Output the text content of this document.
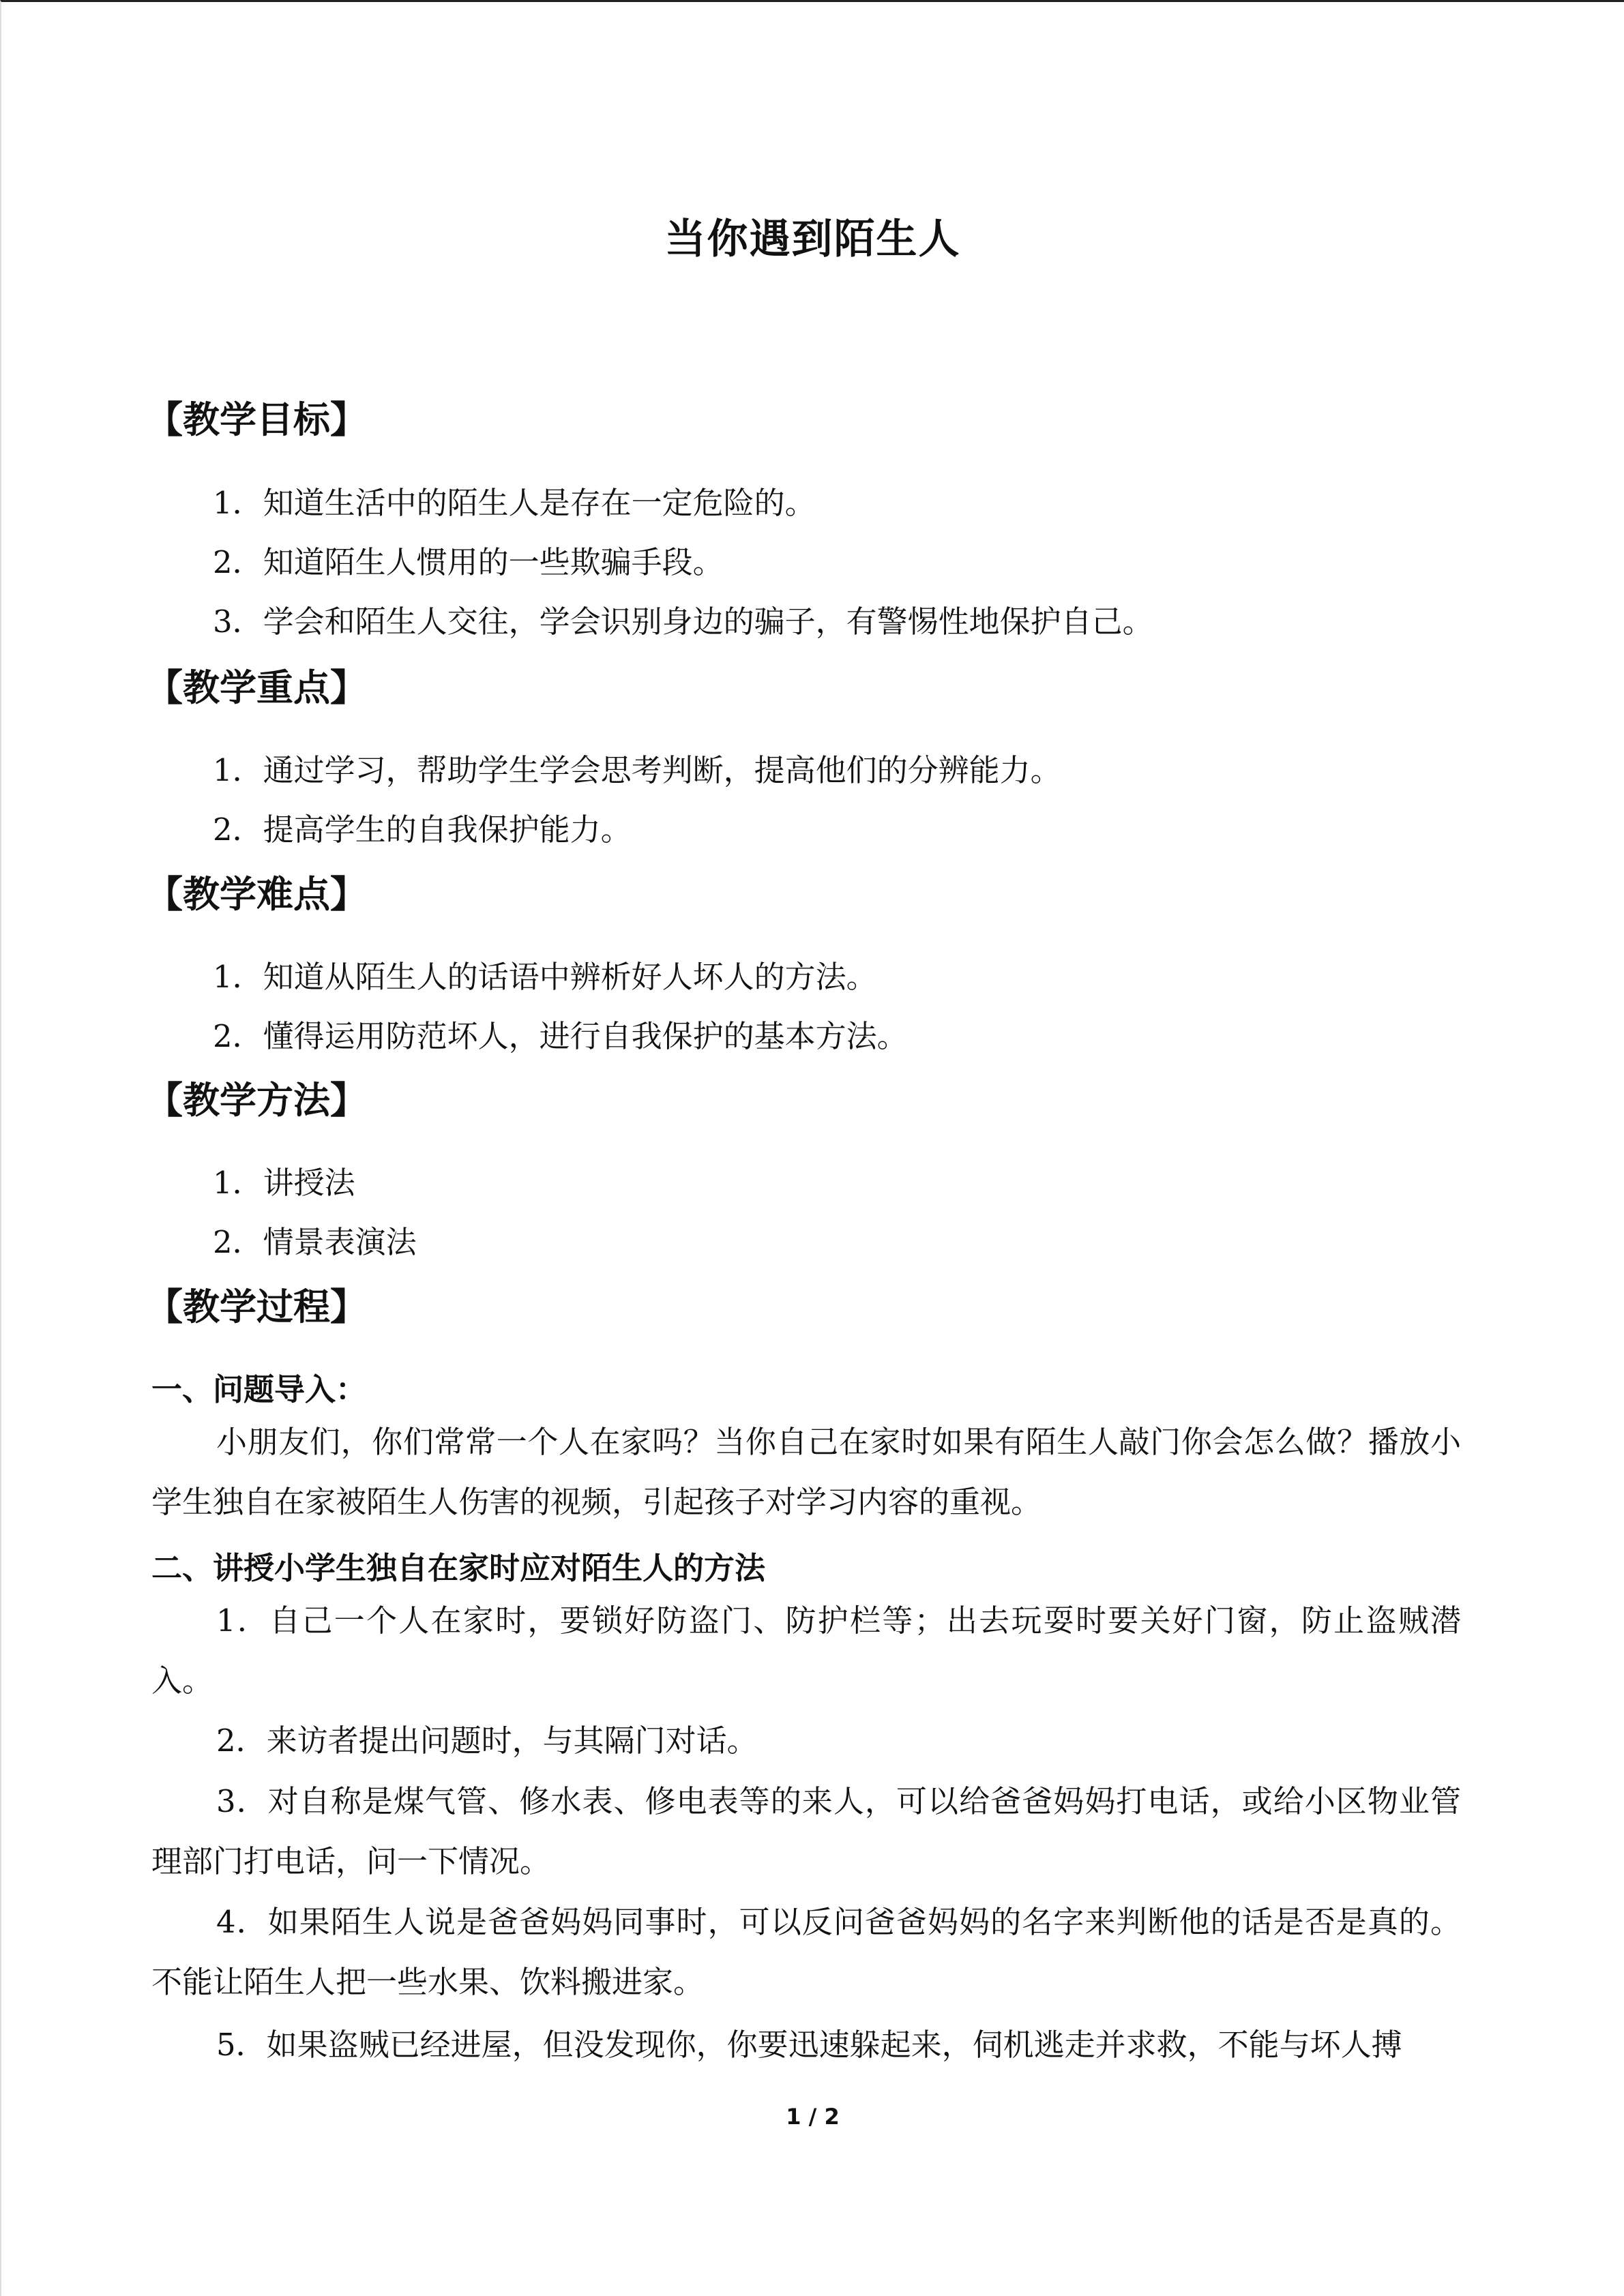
当你遇到陌生人
【教学目标】
1．知道生活中的陌生人是存在一定危险的。
2．知道陌生人惯用的一些欺骗手段。
3．学会和陌生人交往，学会识别身边的骗子，有警惕性地保护自己。
【教学重点】
1．通过学习，帮助学生学会思考判断，提高他们的分辨能力。
2．提高学生的自我保护能力。
【教学难点】
1．知道从陌生人的话语中辨析好人坏人的方法。
2．懂得运用防范坏人，进行自我保护的基本方法。
【教学方法】
1．讲授法
2．情景表演法
【教学过程】
一、问题导入：
小朋友们，你们常常一个人在家吗？当你自己在家时如果有陌生人敲门你会怎么做？播放小学生独自在家被陌生人伤害的视频，引起孩子对学习内容的重视。
二、讲授小学生独自在家时应对陌生人的方法
1．自己一个人在家时，要锁好防盗门、防护栏等；出去玩耍时要关好门窗，防止盗贼潜入。
2．来访者提出问题时，与其隔门对话。
3．对自称是煤气管、修水表、修电表等的来人，可以给爸爸妈妈打电话，或给小区物业管理部门打电话，问一下情况。
4．如果陌生人说是爸爸妈妈同事时，可以反问爸爸妈妈的名字来判断他的话是否是真的。不能让陌生人把一些水果、饮料搬进家。
5．如果盗贼已经进屋，但没发现你，你要迅速躲起来，伺机逃走并求救，不能与坏人搏
1 / 2
